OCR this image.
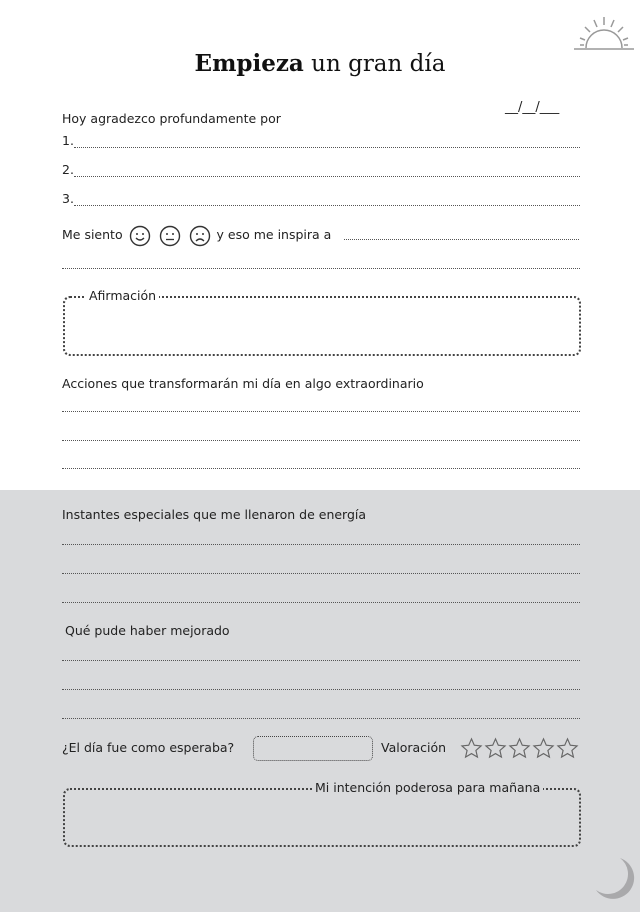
Empieza un gran día
__/__/___
Hoy agradezco profundamente por
1.
2.
3.
Me siento	y eso me inspira a
Afirmación
Acciones que transformarán mi día en algo extraordinario
Instantes especiales que me llenaron de energía
Qué pude haber mejorado
¿El día fue como esperaba?	Valoración
Mi intención poderosa para mañana
